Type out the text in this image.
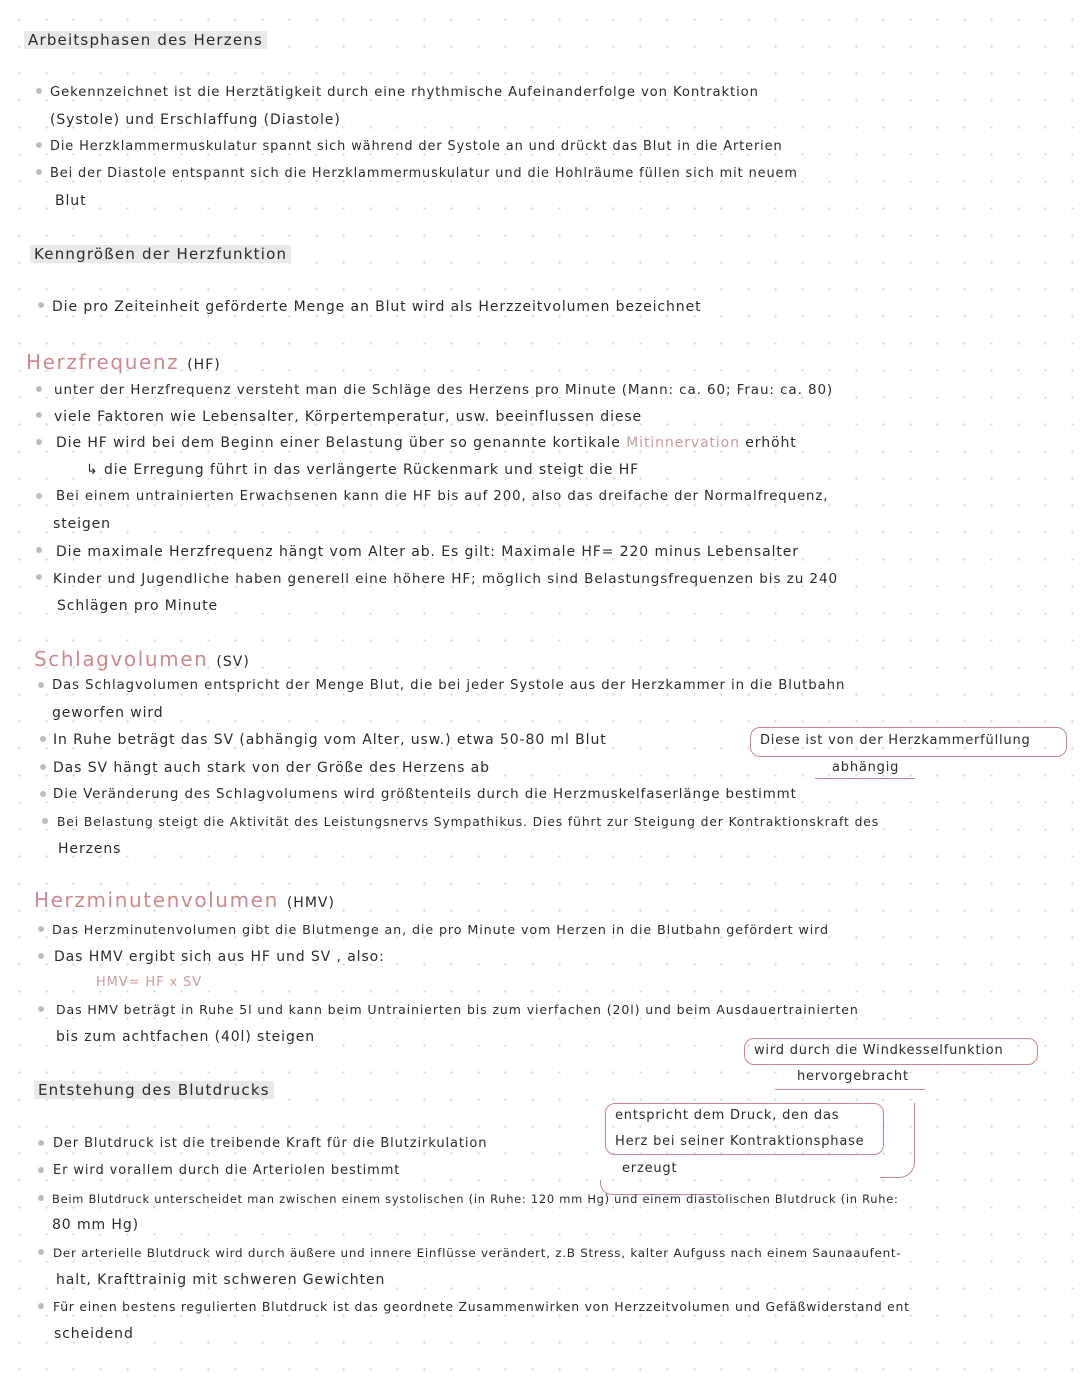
Arbeitsphasen des Herzens
Gekennzeichnet ist die Herztätigkeit durch eine rhythmische Aufeinanderfolge von Kontraktion
(Systole) und Erschlaffung (Diastole)
Die Herzklammermuskulatur spannt sich während der Systole an und drückt das Blut in die Arterien
Bei der Diastole entspannt sich die Herzklammermuskulatur und die Hohlräume füllen sich mit neuem
Blut
Kenngrößen der Herzfunktion
Die pro Zeiteinheit geförderte Menge an Blut wird als Herzzeitvolumen bezeichnet
Herzfrequenz (HF)
unter der Herzfrequenz versteht man die Schläge des Herzens pro Minute (Mann: ca. 60; Frau: ca. 80)
viele Faktoren wie Lebensalter, Körpertemperatur, usw. beeinflussen diese
Die HF wird bei dem Beginn einer Belastung über so genannte kortikale Mitinnervation erhöht
↳ die Erregung führt in das verlängerte Rückenmark und steigt die HF
Bei einem untrainierten Erwachsenen kann die HF bis auf 200, also das dreifache der Normalfrequenz,
steigen
Die maximale Herzfrequenz hängt vom Alter ab. Es gilt: Maximale HF= 220 minus Lebensalter
Kinder und Jugendliche haben generell eine höhere HF; möglich sind Belastungsfrequenzen bis zu 240
Schlägen pro Minute
Schlagvolumen (SV)
Das Schlagvolumen entspricht der Menge Blut, die bei jeder Systole aus der Herzkammer in die Blutbahn
geworfen wird
In Ruhe beträgt das SV (abhängig vom Alter, usw.) etwa 50-80 ml Blut
Das SV hängt auch stark von der Größe des Herzens ab
Die Veränderung des Schlagvolumens wird größtenteils durch die Herzmuskelfaserlänge bestimmt
Bei Belastung steigt die Aktivität des Leistungsnervs Sympathikus. Dies führt zur Steigung der Kontraktionskraft des
Herzens
Diese ist von der Herzkammerfüllung
abhängig
Herzminutenvolumen (HMV)
Das Herzminutenvolumen gibt die Blutmenge an, die pro Minute vom Herzen in die Blutbahn gefördert wird
Das HMV ergibt sich aus HF und SV , also:
HMV= HF x SV
Das HMV beträgt in Ruhe 5l und kann beim Untrainierten bis zum vierfachen (20l) und beim Ausdauertrainierten
bis zum achtfachen (40l) steigen
wird durch die Windkesselfunktion
hervorgebracht
Entstehung des Blutdrucks
entspricht dem Druck, den das
Herz bei seiner Kontraktionsphase
erzeugt
Der Blutdruck ist die treibende Kraft für die Blutzirkulation
Er wird vorallem durch die Arteriolen bestimmt
Beim Blutdruck unterscheidet man zwischen einem systolischen (in Ruhe: 120 mm Hg) und einem diastolischen Blutdruck (in Ruhe:
80 mm Hg)
Der arterielle Blutdruck wird durch äußere und innere Einflüsse verändert, z.B Stress, kalter Aufguss nach einem Saunaaufent-
halt, Krafttrainig mit schweren Gewichten
Für einen bestens regulierten Blutdruck ist das geordnete Zusammenwirken von Herzzeitvolumen und Gefäßwiderstand ent
scheidend
